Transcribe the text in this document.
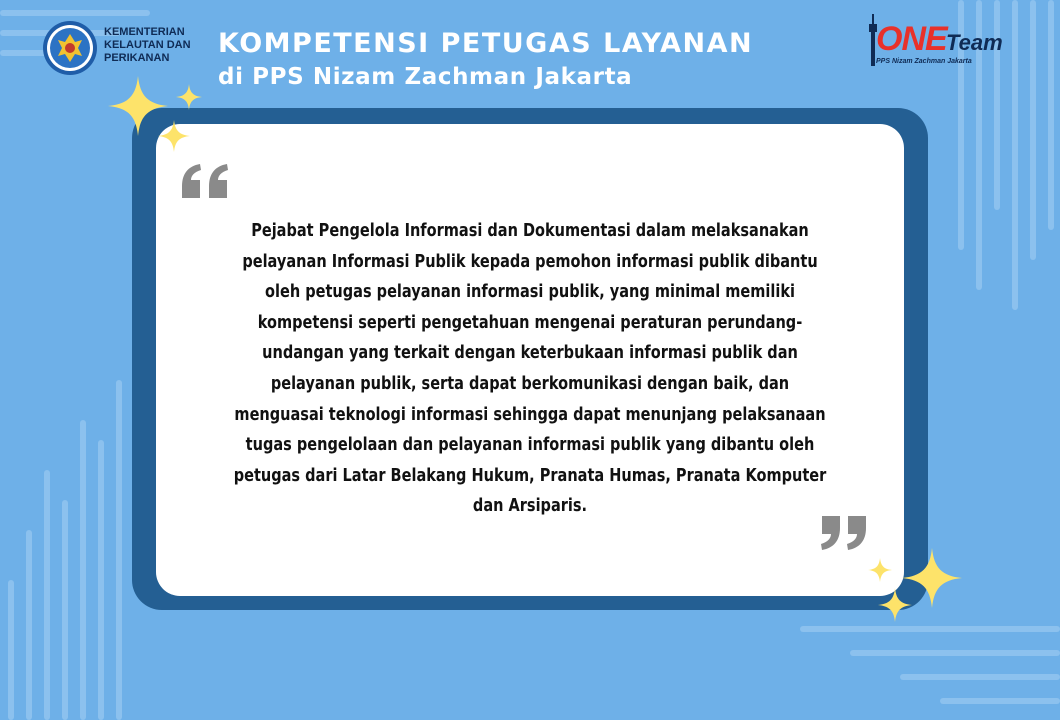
KEMENTERIAN
KELAUTAN DAN
PERIKANAN	KOMPETENSI PETUGAS LAYANAN
di PPS Nizam Zachman Jakarta
ONE Team
PPS Nizam Zachman Jakarta
Pejabat Pengelola Informasi dan Dokumentasi dalam melaksanakan pelayanan Informasi Publik kepada pemohon informasi publik dibantu oleh petugas pelayanan informasi publik, yang minimal memiliki kompetensi seperti pengetahuan mengenai peraturan perundang-undangan yang terkait dengan keterbukaan informasi publik dan pelayanan publik, serta dapat berkomunikasi dengan baik, dan menguasai teknologi informasi sehingga dapat menunjang pelaksanaan tugas pengelolaan dan pelayanan informasi publik yang dibantu oleh petugas dari Latar Belakang Hukum, Pranata Humas, Pranata Komputer dan Arsiparis.
